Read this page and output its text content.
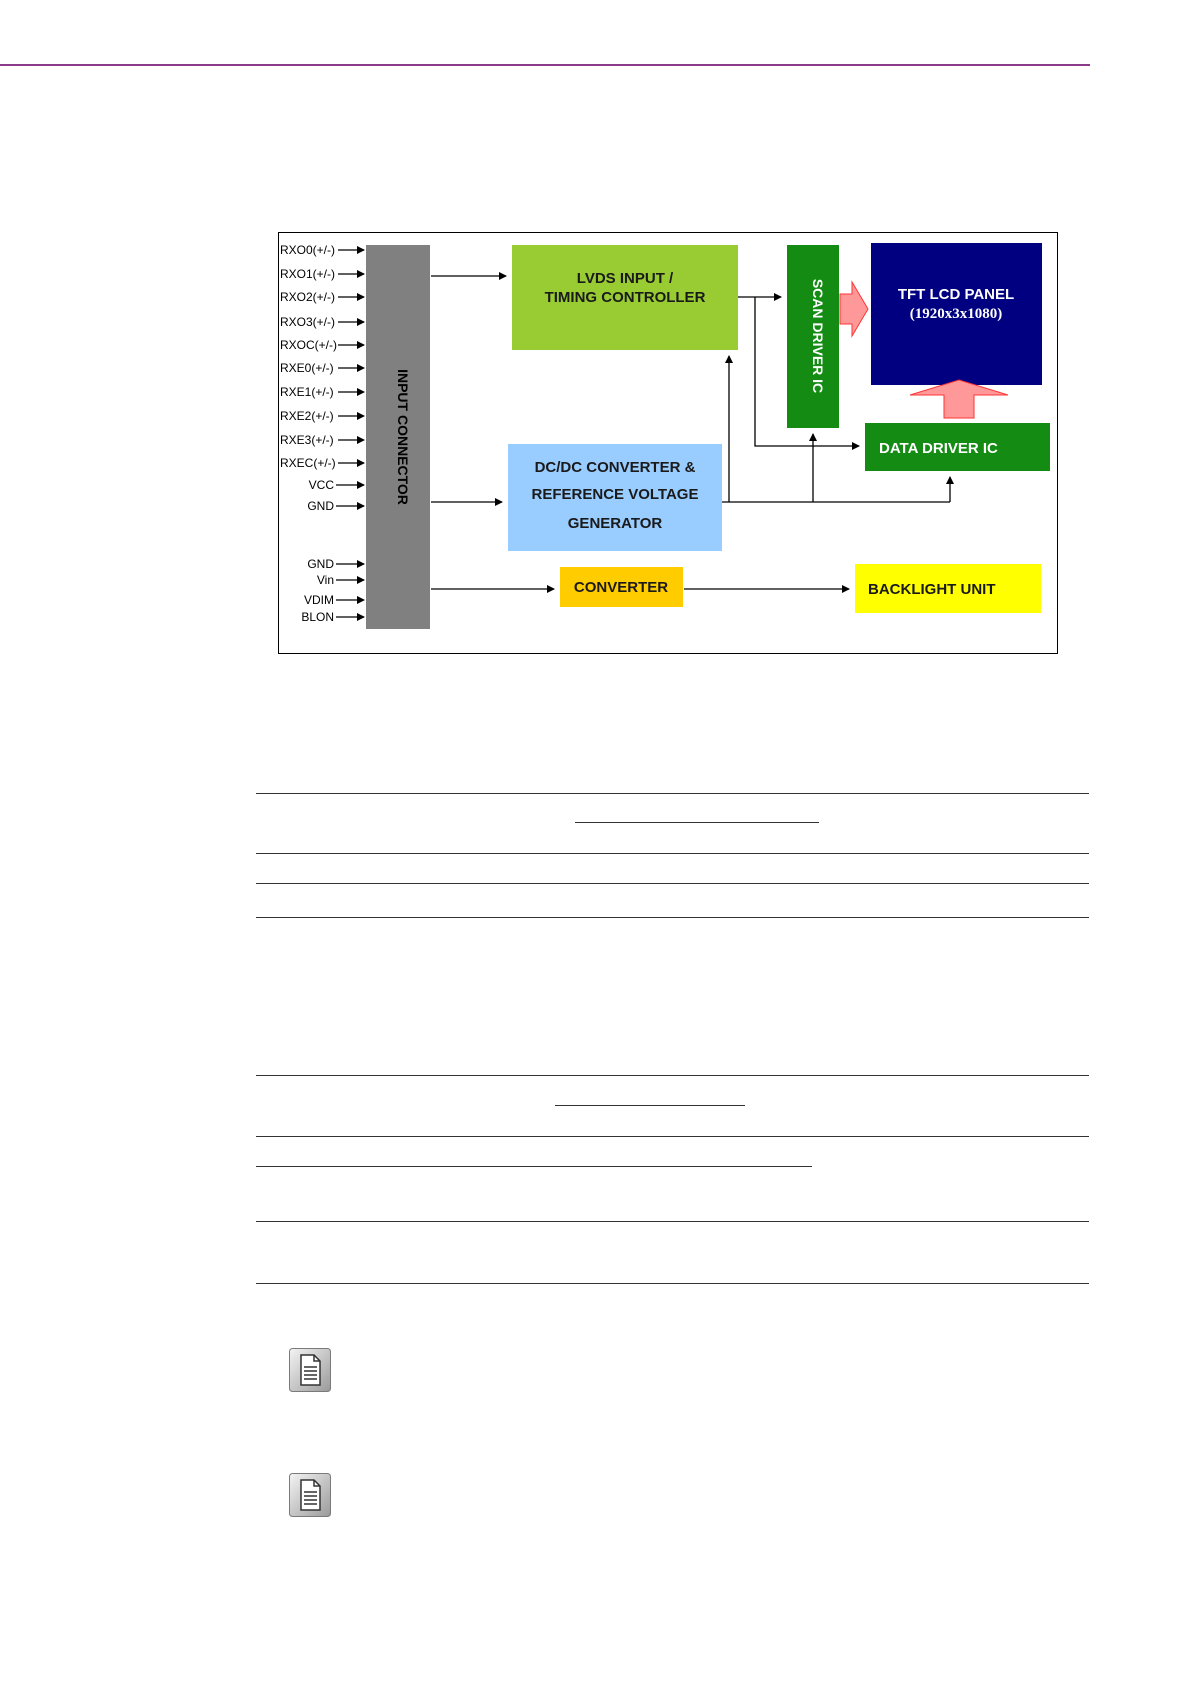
INPUT CONNECTOR
RXO0(+/-)
RXO1(+/-)
RXO2(+/-)
RXO3(+/-)
RXOC(+/-)
RXE0(+/-)
RXE1(+/-)
RXE2(+/-)
RXE3(+/-)
RXEC(+/-)
VCC
GND
GND
Vin
VDIM
BLON
LVDS INPUT /
TIMING CONTROLLER
DC/DC CONVERTER &
REFERENCE VOLTAGE
GENERATOR
SCAN DRIVER IC	TFT LCD PANEL
(1920x3x1080)
DATA DRIVER IC
CONVERTER	BACKLIGHT UNIT
